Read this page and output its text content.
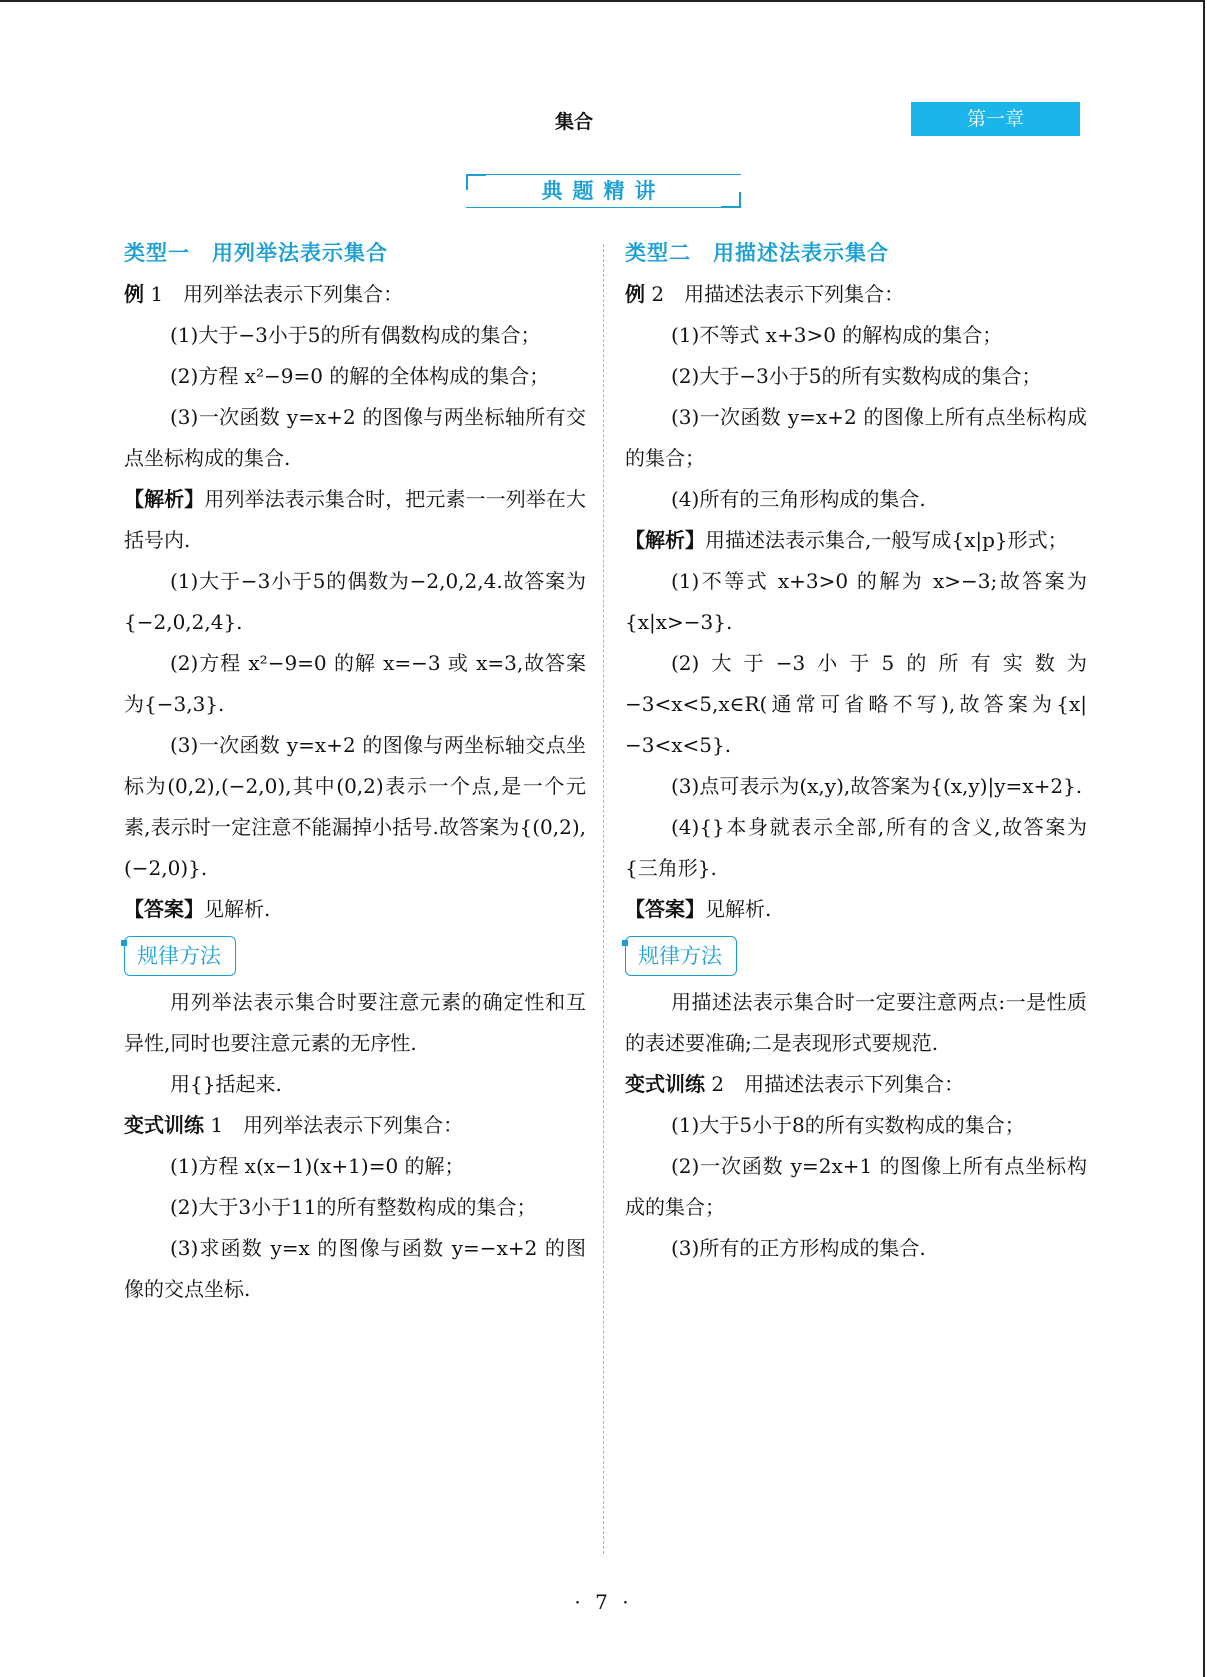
集合	第一章
典题精讲

类型一　用列举法表示集合

例 1　用列举法表示下列集合：

(1)大于−3小于5的所有偶数构成的集合；

(2)方程 x²−9=0 的解的全体构成的集合；

(3)一次函数 y=x+2 的图像与两坐标轴所有交点坐标构成的集合.

【解析】用列举法表示集合时，把元素一一列举在大括号内.

(1)大于−3小于5的偶数为−2,0,2,4.故答案为{−2,0,2,4}.

(2)方程 x²−9=0 的解 x=−3 或 x=3,故答案为{−3,3}.

(3)一次函数 y=x+2 的图像与两坐标轴交点坐标为(0,2),(−2,0),其中(0,2)表示一个点,是一个元素,表示时一定注意不能漏掉小括号.故答案为{(0,2),(−2,0)}.

【答案】见解析.

规律方法

用列举法表示集合时要注意元素的确定性和互异性,同时也要注意元素的无序性.

用{}括起来.

变式训练 1　用列举法表示下列集合：

(1)方程 x(x−1)(x+1)=0 的解；

(2)大于3小于11的所有整数构成的集合；

(3)求函数 y=x 的图像与函数 y=−x+2 的图像的交点坐标.

类型二　用描述法表示集合

例 2　用描述法表示下列集合：

(1)不等式 x+3>0 的解构成的集合；

(2)大于−3小于5的所有实数构成的集合；

(3)一次函数 y=x+2 的图像上所有点坐标构成的集合；

(4)所有的三角形构成的集合.

【解析】用描述法表示集合,一般写成{x|p}形式；

(1)不等式 x+3>0 的解为 x>−3;故答案为{x|x>−3}.

(2)大于−3小于5的所有实数为−3<x<5,x∈R(通常可省略不写),故答案为{x|−3<x<5}.

(3)点可表示为(x,y),故答案为{(x,y)|y=x+2}.

(4){}本身就表示全部,所有的含义,故答案为{三角形}.

【答案】见解析.

规律方法

用描述法表示集合时一定要注意两点:一是性质的表述要准确;二是表现形式要规范.

变式训练 2　用描述法表示下列集合：

(1)大于5小于8的所有实数构成的集合；

(2)一次函数 y=2x+1 的图像上所有点坐标构成的集合；

(3)所有的正方形构成的集合.

· 7 ·
